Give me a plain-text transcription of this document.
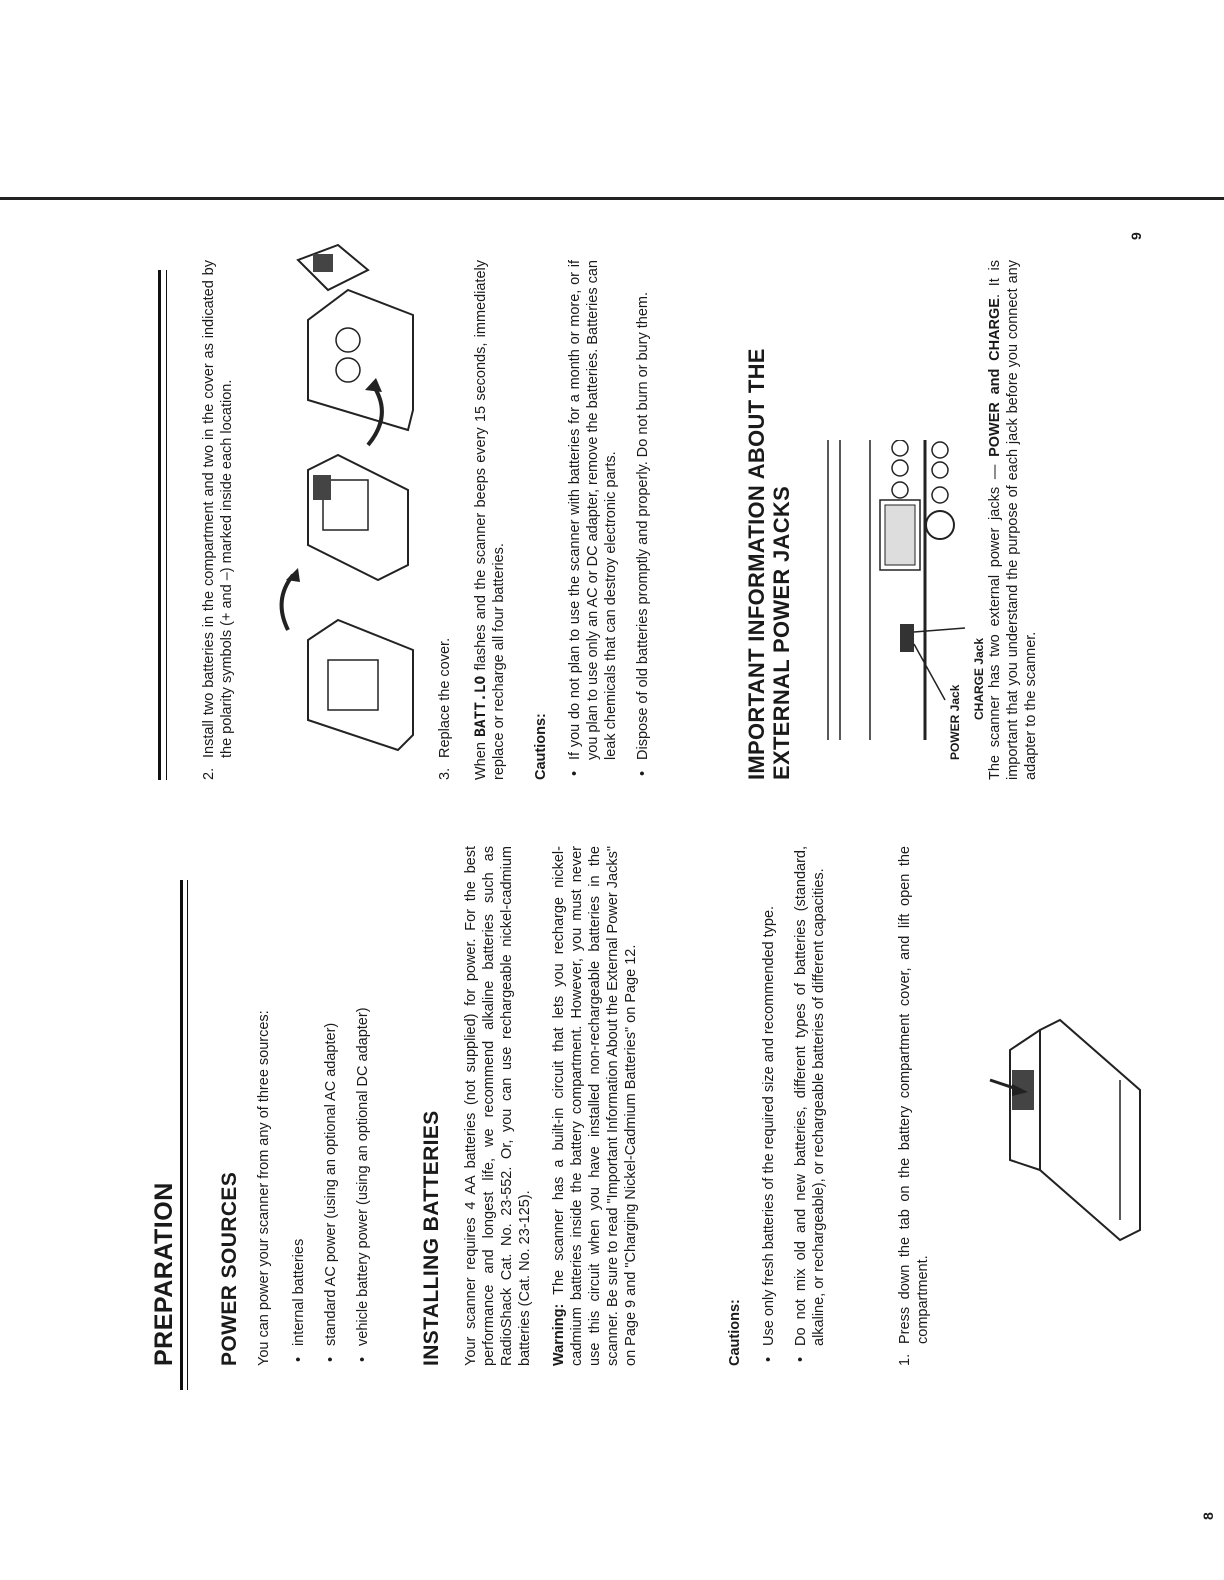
PREPARATION POWER SOURCES You can power your scanner from any of three sources: • internal batteries • standard AC power (using an optional AC adapter) • vehicle battery power (using an optional DC adapter) INSTALLING BATTERIES Your scanner requires 4 AA batteries (not supplied) for power. For the best performance and longest life, we recommend alkaline batteries such as RadioShack Cat. No. 23-552. Or, you can use rechargeable nickel-cadmium batteries (Cat. No. 23-125). Warning: The scanner has a built-in circuit that lets you recharge nickel-cadmium batteries inside the battery compartment. However, you must never use this circuit when you have installed non-rechargeable batteries in the scanner. Be sure to read "Important Information About the External Power Jacks" on Page 9 and "Charging Nickel-Cadmium Batteries" on Page 12.	Cautions: • Use only fresh batteries of the required size and recommended type. • Do not mix old and new batteries, different types of batteries (standard, alkaline, or rechargeable), or rechargeable batteries of different capacities.
1.
Press down the tab on the battery compartment cover, and lift open the compartment.
8
2.
Install two batteries in the compartment and two in the cover as indicated by the polarity symbols (+ and –) marked inside each location.
3.
Replace the cover.
When BATT.LO flashes and the scanner beeps every 15 seconds, immediately replace or recharge all four batteries. Cautions: • If you do not plan to use the scanner with batteries for a month or more, or if you plan to use only an AC or DC adapter, remove the batteries. Batteries can leak chemicals that can destroy electronic parts. • Dispose of old batteries promptly and properly. Do not burn or bury them.	IMPORTANT INFORMATION ABOUT THE EXTERNAL POWER JACKS	POWER Jack
CHARGE Jack The scanner has two external power jacks — POWER and CHARGE. It is important that you understand the purpose of each jack before you connect any adapter to the scanner.
9
